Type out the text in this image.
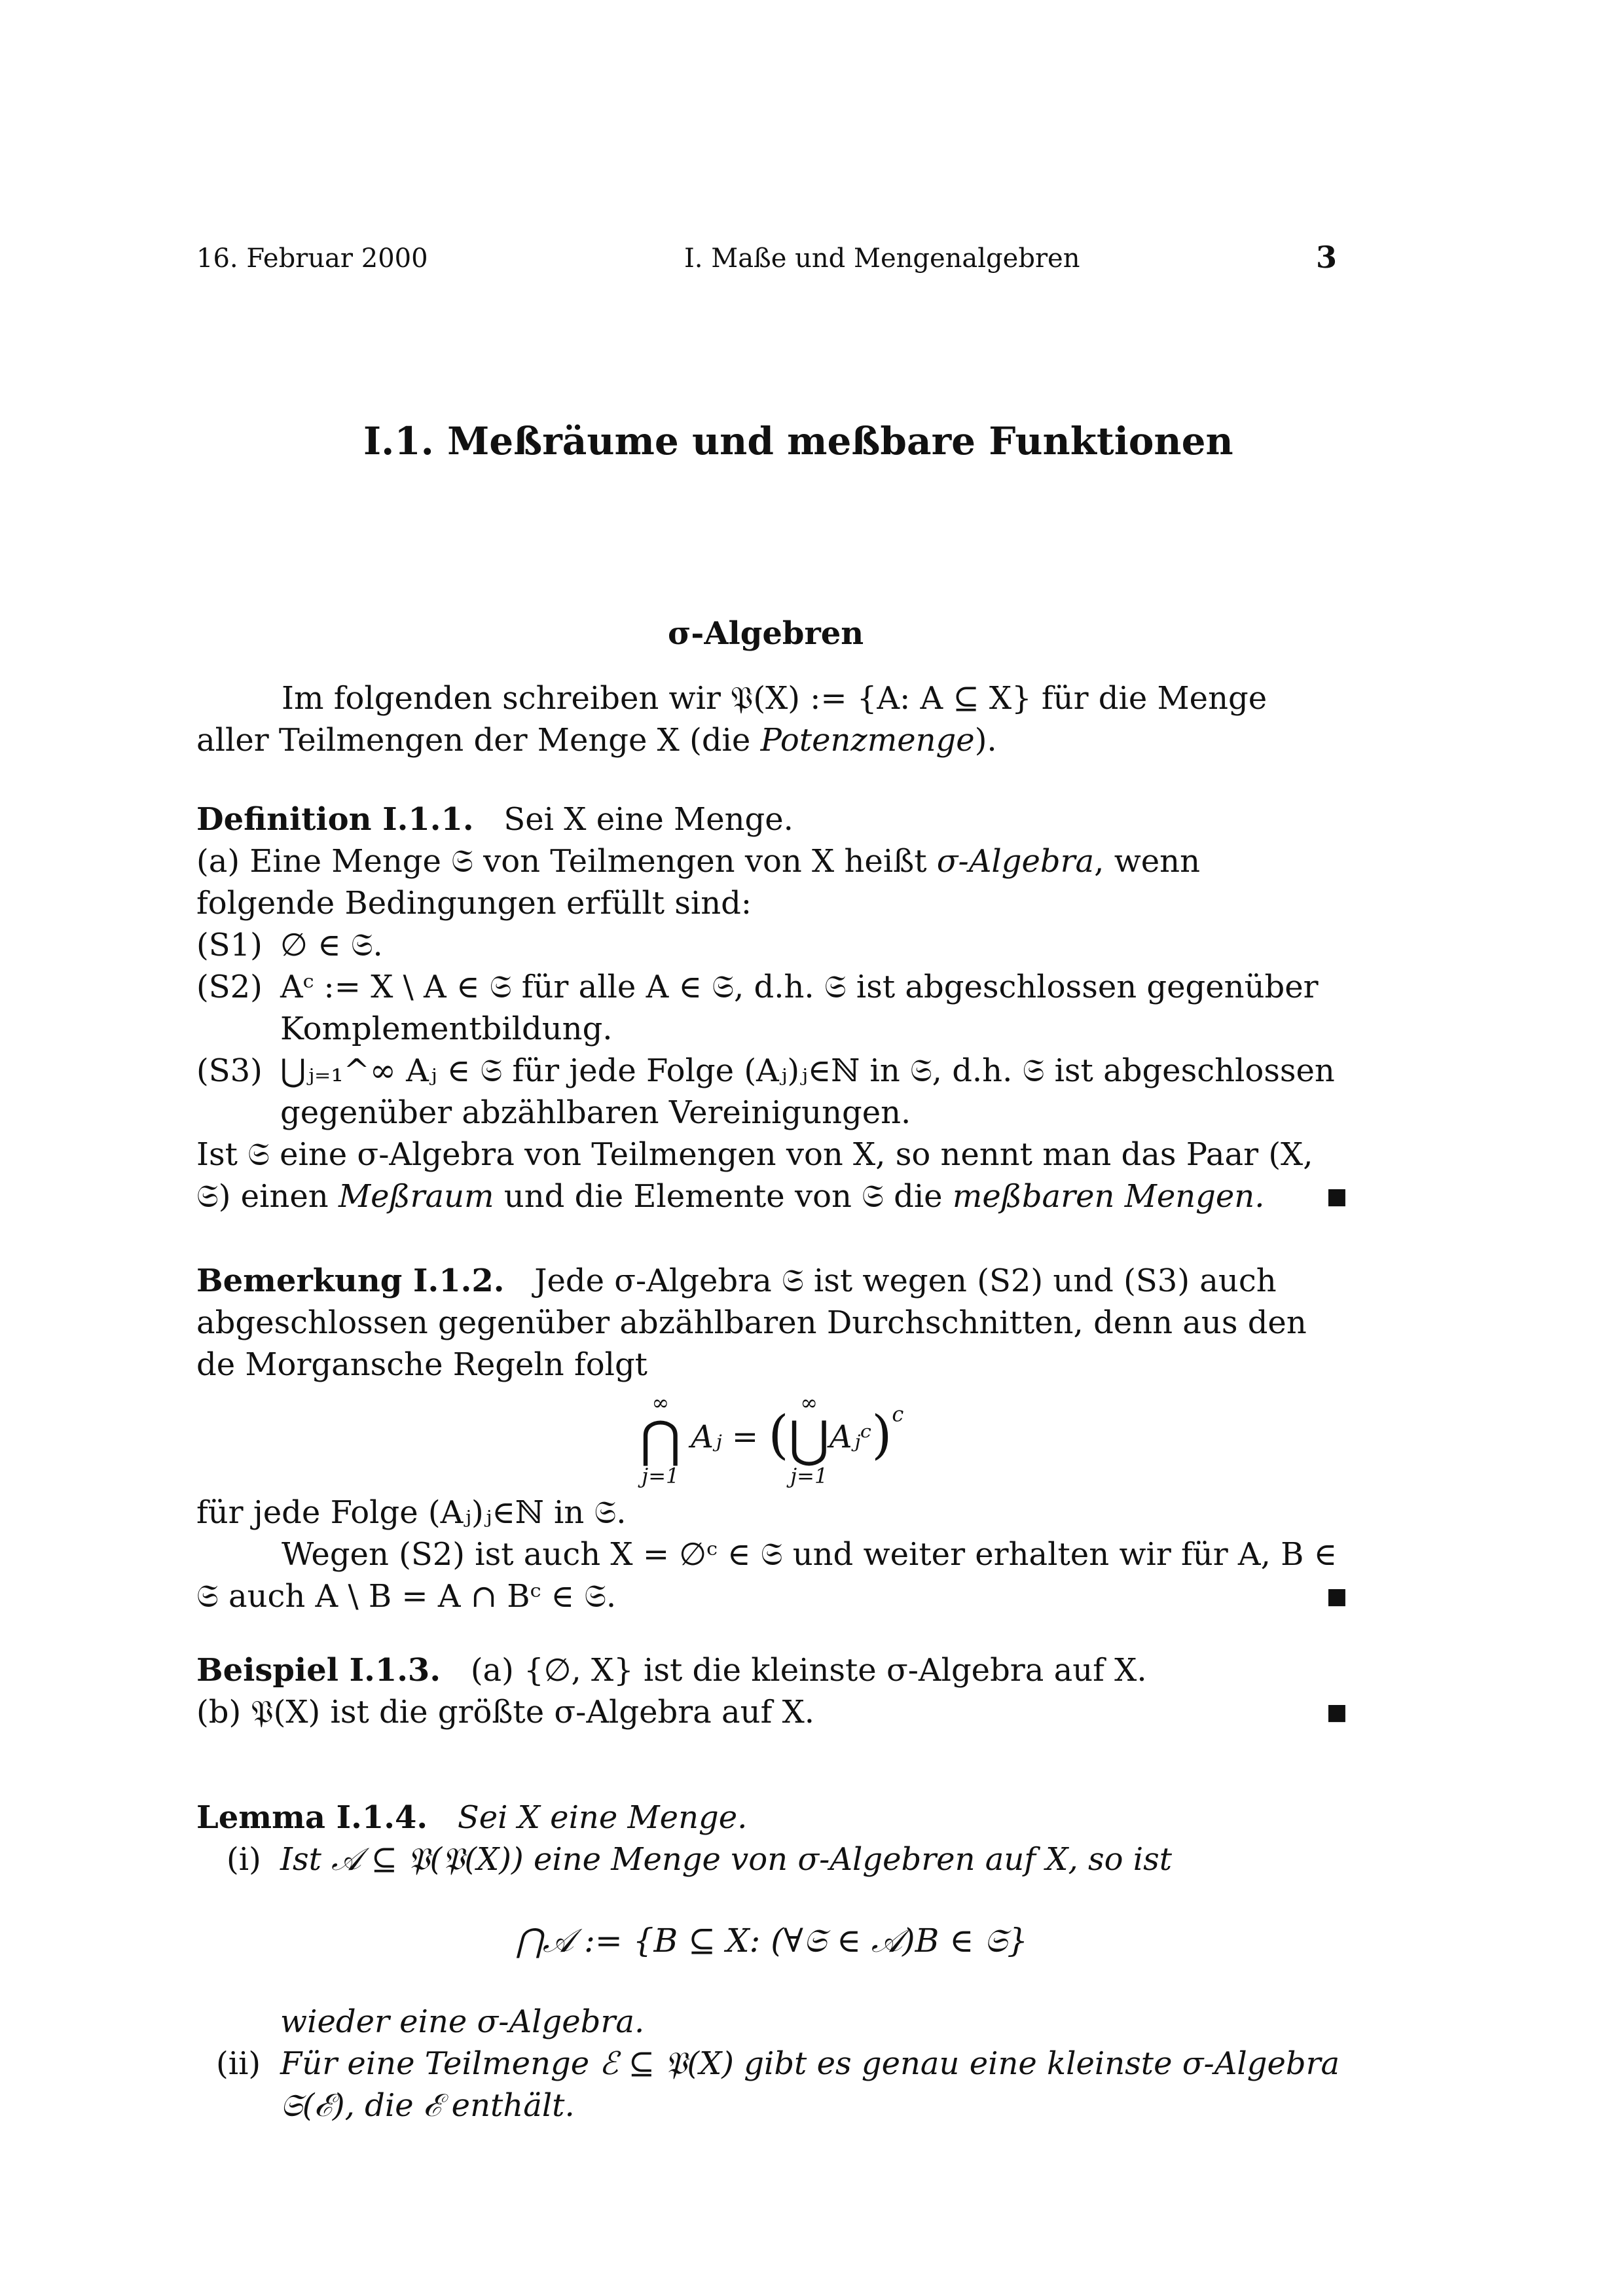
16. Februar 2000	I. Maße und Mengenalgebren	3
I.1. Meßräume und meßbare Funktionen
σ-Algebren
Im folgenden schreiben wir 𝔓(X) := {A: A ⊆ X} für die Menge aller Teilmengen der Menge X (die Potenzmenge).
Definition I.1.1. Sei X eine Menge.
(a) Eine Menge 𝔖 von Teilmengen von X heißt σ-Algebra, wenn folgende Bedingungen erfüllt sind:
(S1) ∅ ∈ 𝔖.
(S2) Aᶜ := X \ A ∈ 𝔖 für alle A ∈ 𝔖, d.h. 𝔖 ist abgeschlossen gegenüber Komplementbildung.
(S3) ⋃ⱼ₌₁^∞ Aⱼ ∈ 𝔖 für jede Folge (Aⱼ)ⱼ∈ℕ in 𝔖, d.h. 𝔖 ist abgeschlossen gegenüber abzählbaren Vereinigungen.
Ist 𝔖 eine σ-Algebra von Teilmengen von X, so nennt man das Paar (X, 𝔖) einen Meßraum und die Elemente von 𝔖 die meßbaren Mengen.	■
Bemerkung I.1.2. Jede σ-Algebra 𝔖 ist wegen (S2) und (S3) auch abgeschlossen gegenüber abzählbaren Durchschnitten, denn aus den de Morgansche Regeln folgt
∞
⋂
j=1
Aⱼ = (
∞
⋃
j=1
Aⱼᶜ)$^c$
für jede Folge (Aⱼ)ⱼ∈ℕ in 𝔖.
Wegen (S2) ist auch X = ∅ᶜ ∈ 𝔖 und weiter erhalten wir für A, B ∈ 𝔖 auch A \ B = A ∩ Bᶜ ∈ 𝔖.	■
Beispiel I.1.3. (a) {∅, X} ist die kleinste σ-Algebra auf X.
(b) 𝔓(X) ist die größte σ-Algebra auf X.	■
Lemma I.1.4. Sei X eine Menge.
(i) Ist 𝒜 ⊆ 𝔓(𝔓(X)) eine Menge von σ-Algebren auf X, so ist
⋂𝒜 := {B ⊆ X: (∀𝔖 ∈ 𝒜)B ∈ 𝔖}
wieder eine σ-Algebra.
(ii) Für eine Teilmenge ℰ ⊆ 𝔓(X) gibt es genau eine kleinste σ-Algebra 𝔖(ℰ), die ℰ enthält.
